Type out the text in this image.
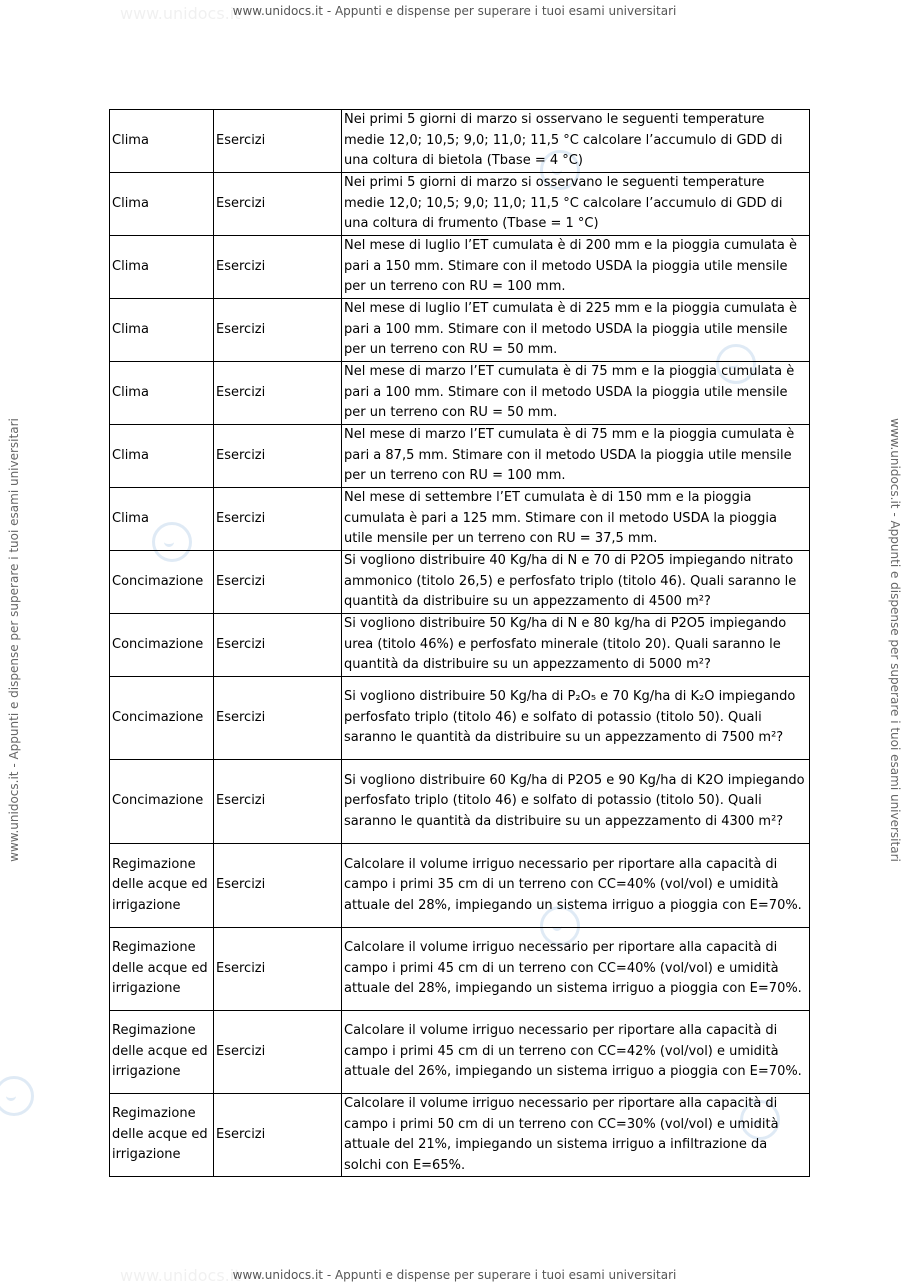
www.unidocs.it - Appunti e dispense per superare i tuoi esami universitari
www.unidocs.it - Appunti e dispense per superare i tuoi esami universitari	www.unidocs.it - Appunti e dispense per superare i tuoi esami universitari
www.unidocs.it - Appunti e dispense per superare i tuoi esami universitari
www.unidocs.it
www.unidocs.it
Clima	Esercizi	Nei primi 5 giorni di marzo si osservano le seguenti temperature medie 12,0; 10,5; 9,0; 11,0; 11,5 °C calcolare l’accumulo di GDD di una coltura di bietola (Tbase = 4 °C)
Clima	Esercizi	Nei primi 5 giorni di marzo si osservano le seguenti temperature medie 12,0; 10,5; 9,0; 11,0; 11,5 °C calcolare l’accumulo di GDD di una coltura di frumento (Tbase = 1 °C)
Clima	Esercizi	Nel mese di luglio l’ET cumulata è di 200 mm e la pioggia cumulata è pari a 150 mm. Stimare con il metodo USDA la pioggia utile mensile per un terreno con RU = 100 mm.
Clima	Esercizi	Nel mese di luglio l’ET cumulata è di 225 mm e la pioggia cumulata è pari a 100 mm. Stimare con il metodo USDA la pioggia utile mensile per un terreno con RU = 50 mm.
Clima	Esercizi	Nel mese di marzo l’ET cumulata è di 75 mm e la pioggia cumulata è pari a 100 mm. Stimare con il metodo USDA la pioggia utile mensile per un terreno con RU = 50 mm.
Clima	Esercizi	Nel mese di marzo l’ET cumulata è di 75 mm e la pioggia cumulata è pari a 87,5 mm. Stimare con il metodo USDA la pioggia utile mensile per un terreno con RU = 100 mm.
Clima	Esercizi	Nel mese di settembre l’ET cumulata è di 150 mm e la pioggia cumulata è pari a 125 mm. Stimare con il metodo USDA la pioggia utile mensile per un terreno con RU = 37,5 mm.
Concimazione	Esercizi	Si vogliono distribuire 40 Kg/ha di N e 70 di P2O5 impiegando nitrato ammonico (titolo 26,5) e perfosfato triplo (titolo 46). Quali saranno le quantità da distribuire su un appezzamento di 4500 m²?
Concimazione	Esercizi	Si vogliono distribuire 50 Kg/ha di N e 80 kg/ha di P2O5 impiegando urea (titolo 46%) e perfosfato minerale (titolo 20). Quali saranno le quantità da distribuire su un appezzamento di 5000 m²?
Concimazione	Esercizi	Si vogliono distribuire 50 Kg/ha di P₂O₅ e 70 Kg/ha di K₂O impiegando perfosfato triplo (titolo 46) e solfato di potassio (titolo 50). Quali saranno le quantità da distribuire su un appezzamento di 7500 m²?
Concimazione	Esercizi	Si vogliono distribuire 60 Kg/ha di P2O5 e 90 Kg/ha di K2O impiegando perfosfato triplo (titolo 46) e solfato di potassio (titolo 50). Quali saranno le quantità da distribuire su un appezzamento di 4300 m²?
Regimazione delle acque ed irrigazione	Esercizi	Calcolare il volume irriguo necessario per riportare alla capacità di campo i primi 35 cm di un terreno con CC=40% (vol/vol) e umidità attuale del 28%, impiegando un sistema irriguo a pioggia con E=70%.
Regimazione delle acque ed irrigazione	Esercizi	Calcolare il volume irriguo necessario per riportare alla capacità di campo i primi 45 cm di un terreno con CC=40% (vol/vol) e umidità attuale del 28%, impiegando un sistema irriguo a pioggia con E=70%.
Regimazione delle acque ed irrigazione	Esercizi	Calcolare il volume irriguo necessario per riportare alla capacità di campo i primi 45 cm di un terreno con CC=42% (vol/vol) e umidità attuale del 26%, impiegando un sistema irriguo a pioggia con E=70%.
Regimazione delle acque ed irrigazione	Esercizi	Calcolare il volume irriguo necessario per riportare alla capacità di campo i primi 50 cm di un terreno con CC=30% (vol/vol) e umidità attuale del 21%, impiegando un sistema irriguo a infiltrazione da solchi con E=65%.
